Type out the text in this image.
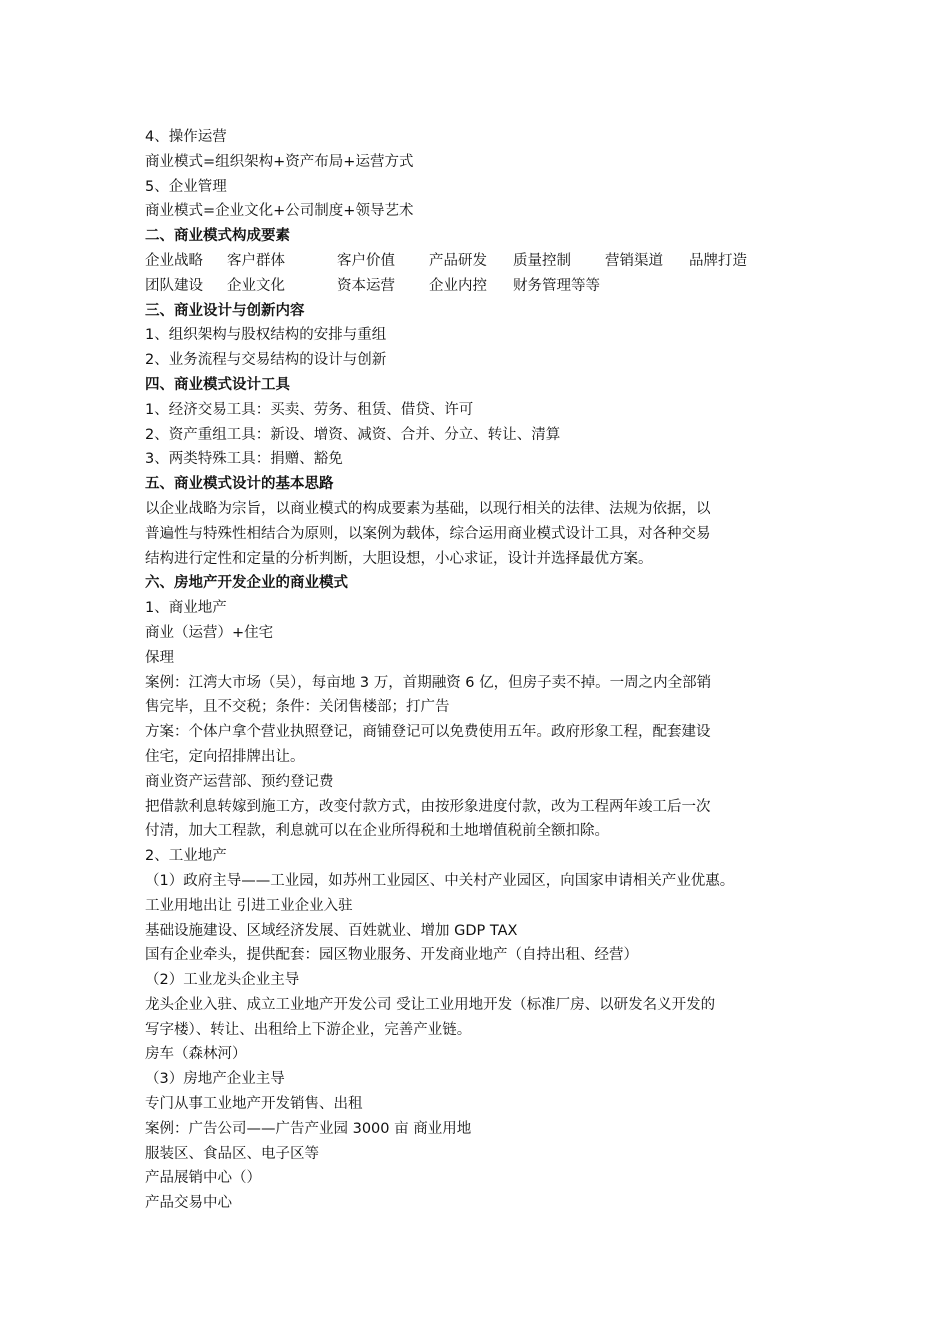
4、操作运营
商业模式=组织架构+资产布局+运营方式
5、企业管理
商业模式=企业文化+公司制度+领导艺术
二、商业模式构成要素
企业战略 客户群体	客户价值 产品研发 质量控制 营销渠道 品牌打造
团队建设 企业文化	资本运营 企业内控 财务管理等等
三、商业设计与创新内容
1、组织架构与股权结构的安排与重组
2、业务流程与交易结构的设计与创新
四、商业模式设计工具
1、经济交易工具：买卖、劳务、租赁、借贷、许可
2、资产重组工具：新设、增资、减资、合并、分立、转让、清算
3、两类特殊工具：捐赠、豁免
五、商业模式设计的基本思路
以企业战略为宗旨，以商业模式的构成要素为基础，以现行相关的法律、法规为依据，以
普遍性与特殊性相结合为原则，以案例为载体，综合运用商业模式设计工具，对各种交易
结构进行定性和定量的分析判断，大胆设想，小心求证，设计并选择最优方案。
六、房地产开发企业的商业模式
1、商业地产
商业（运营）+住宅
保理
案例：江湾大市场（吴），每亩地 3 万，首期融资 6 亿，但房子卖不掉。一周之内全部销
售完毕，且不交税；条件：关闭售楼部；打广告
方案：个体户拿个营业执照登记，商铺登记可以免费使用五年。政府形象工程，配套建设
住宅，定向招排牌出让。
商业资产运营部、预约登记费
把借款利息转嫁到施工方，改变付款方式，由按形象进度付款，改为工程两年竣工后一次
付清，加大工程款，利息就可以在企业所得税和土地增值税前全额扣除。
2、工业地产
（1）政府主导——工业园，如苏州工业园区、中关村产业园区，向国家申请相关产业优惠。
工业用地出让 引进工业企业入驻
基础设施建设、区域经济发展、百姓就业、增加 GDP TAX
国有企业牵头，提供配套：园区物业服务、开发商业地产（自持出租、经营）
（2）工业龙头企业主导
龙头企业入驻、成立工业地产开发公司 受让工业用地开发（标准厂房、以研发名义开发的
写字楼）、转让、出租给上下游企业，完善产业链。
房车（森林河）
（3）房地产企业主导
专门从事工业地产开发销售、出租
案例：广告公司——广告产业园 3000 亩 商业用地
服装区、食品区、电子区等
产品展销中心（）
产品交易中心
